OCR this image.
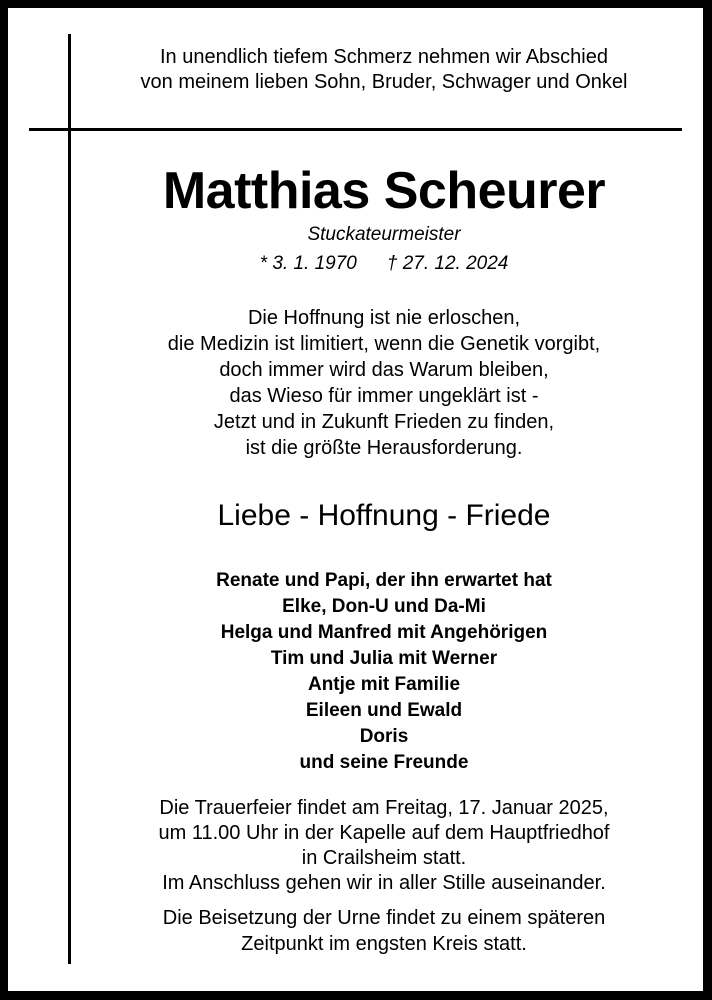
In unendlich tiefem Schmerz nehmen wir Abschied
von meinem lieben Sohn, Bruder, Schwager und Onkel
Matthias Scheurer
Stuckateurmeister
* 3. 1. 1970 † 27. 12. 2024
Die Hoffnung ist nie erloschen,
die Medizin ist limitiert, wenn die Genetik vorgibt,
doch immer wird das Warum bleiben,
das Wieso für immer ungeklärt ist -
Jetzt und in Zukunft Frieden zu finden,
ist die größte Herausforderung.
Liebe - Hoffnung - Friede
Renate und Papi, der ihn erwartet hat
Elke, Don-U und Da-Mi
Helga und Manfred mit Angehörigen
Tim und Julia mit Werner
Antje mit Familie
Eileen und Ewald
Doris
und seine Freunde
Die Trauerfeier findet am Freitag, 17. Januar 2025,
um 11.00 Uhr in der Kapelle auf dem Hauptfriedhof
in Crailsheim statt.
Im Anschluss gehen wir in aller Stille auseinander.
Die Beisetzung der Urne findet zu einem späteren
Zeitpunkt im engsten Kreis statt.
